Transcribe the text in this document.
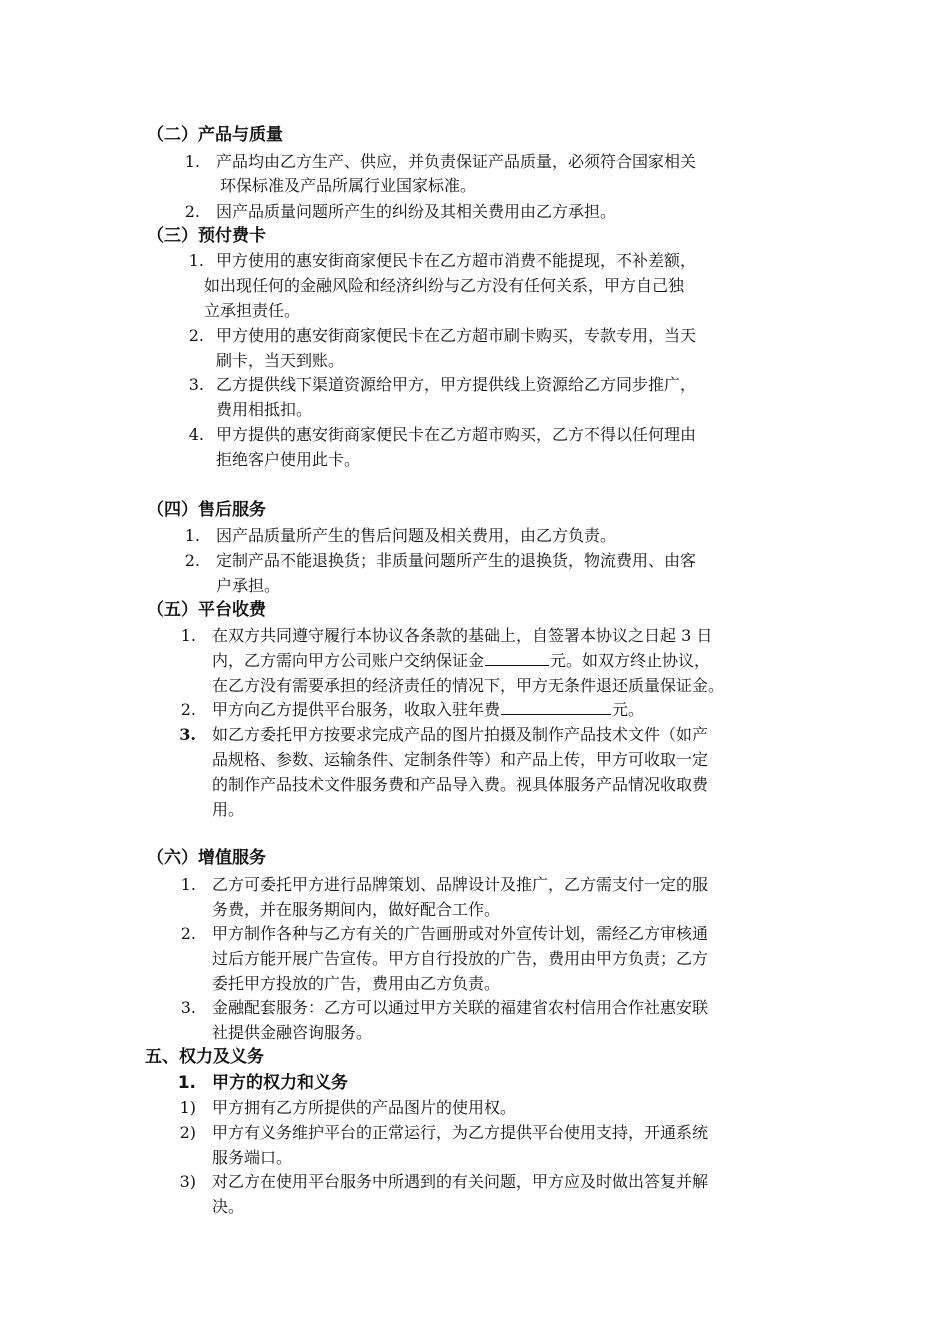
（二）产品与质量
1. 产品均由乙方生产、供应，并负责保证产品质量，必须符合国家相关
环保标准及产品所属行业国家标准。
2. 因产品质量问题所产生的纠纷及其相关费用由乙方承担。
（三）预付费卡
1. 甲方使用的惠安街商家便民卡在乙方超市消费不能提现，不补差额，
如出现任何的金融风险和经济纠纷与乙方没有任何关系，甲方自己独
立承担责任。
2. 甲方使用的惠安街商家便民卡在乙方超市刷卡购买，专款专用，当天
刷卡，当天到账。
3. 乙方提供线下渠道资源给甲方，甲方提供线上资源给乙方同步推广，
费用相抵扣。
4. 甲方提供的惠安街商家便民卡在乙方超市购买，乙方不得以任何理由
拒绝客户使用此卡。
（四）售后服务
1. 因产品质量所产生的售后问题及相关费用，由乙方负责。
2. 定制产品不能退换货；非质量问题所产生的退换货，物流费用、由客
户承担。
（五）平台收费
1. 在双方共同遵守履行本协议各条款的基础上，自签署本协议之日起 3 日
内，乙方需向甲方公司账户交纳保证金	元。如双方终止协议，
在乙方没有需要承担的经济责任的情况下，甲方无条件退还质量保证金。
2. 甲方向乙方提供平台服务，收取入驻年费	元。
3. 如乙方委托甲方按要求完成产品的图片拍摄及制作产品技术文件（如产
品规格、参数、运输条件、定制条件等）和产品上传，甲方可收取一定
的制作产品技术文件服务费和产品导入费。视具体服务产品情况收取费
用。
（六）增值服务
1. 乙方可委托甲方进行品牌策划、品牌设计及推广，乙方需支付一定的服
务费，并在服务期间内，做好配合工作。
2. 甲方制作各种与乙方有关的广告画册或对外宣传计划，需经乙方审核通
过后方能开展广告宣传。甲方自行投放的广告，费用由甲方负责；乙方
委托甲方投放的广告，费用由乙方负责。
3. 金融配套服务：乙方可以通过甲方关联的福建省农村信用合作社惠安联
社提供金融咨询服务。
五、权力及义务
1. 甲方的权力和义务
1) 甲方拥有乙方所提供的产品图片的使用权。
2) 甲方有义务维护平台的正常运行，为乙方提供平台使用支持，开通系统
服务端口。
3) 对乙方在使用平台服务中所遇到的有关问题，甲方应及时做出答复并解
决。
